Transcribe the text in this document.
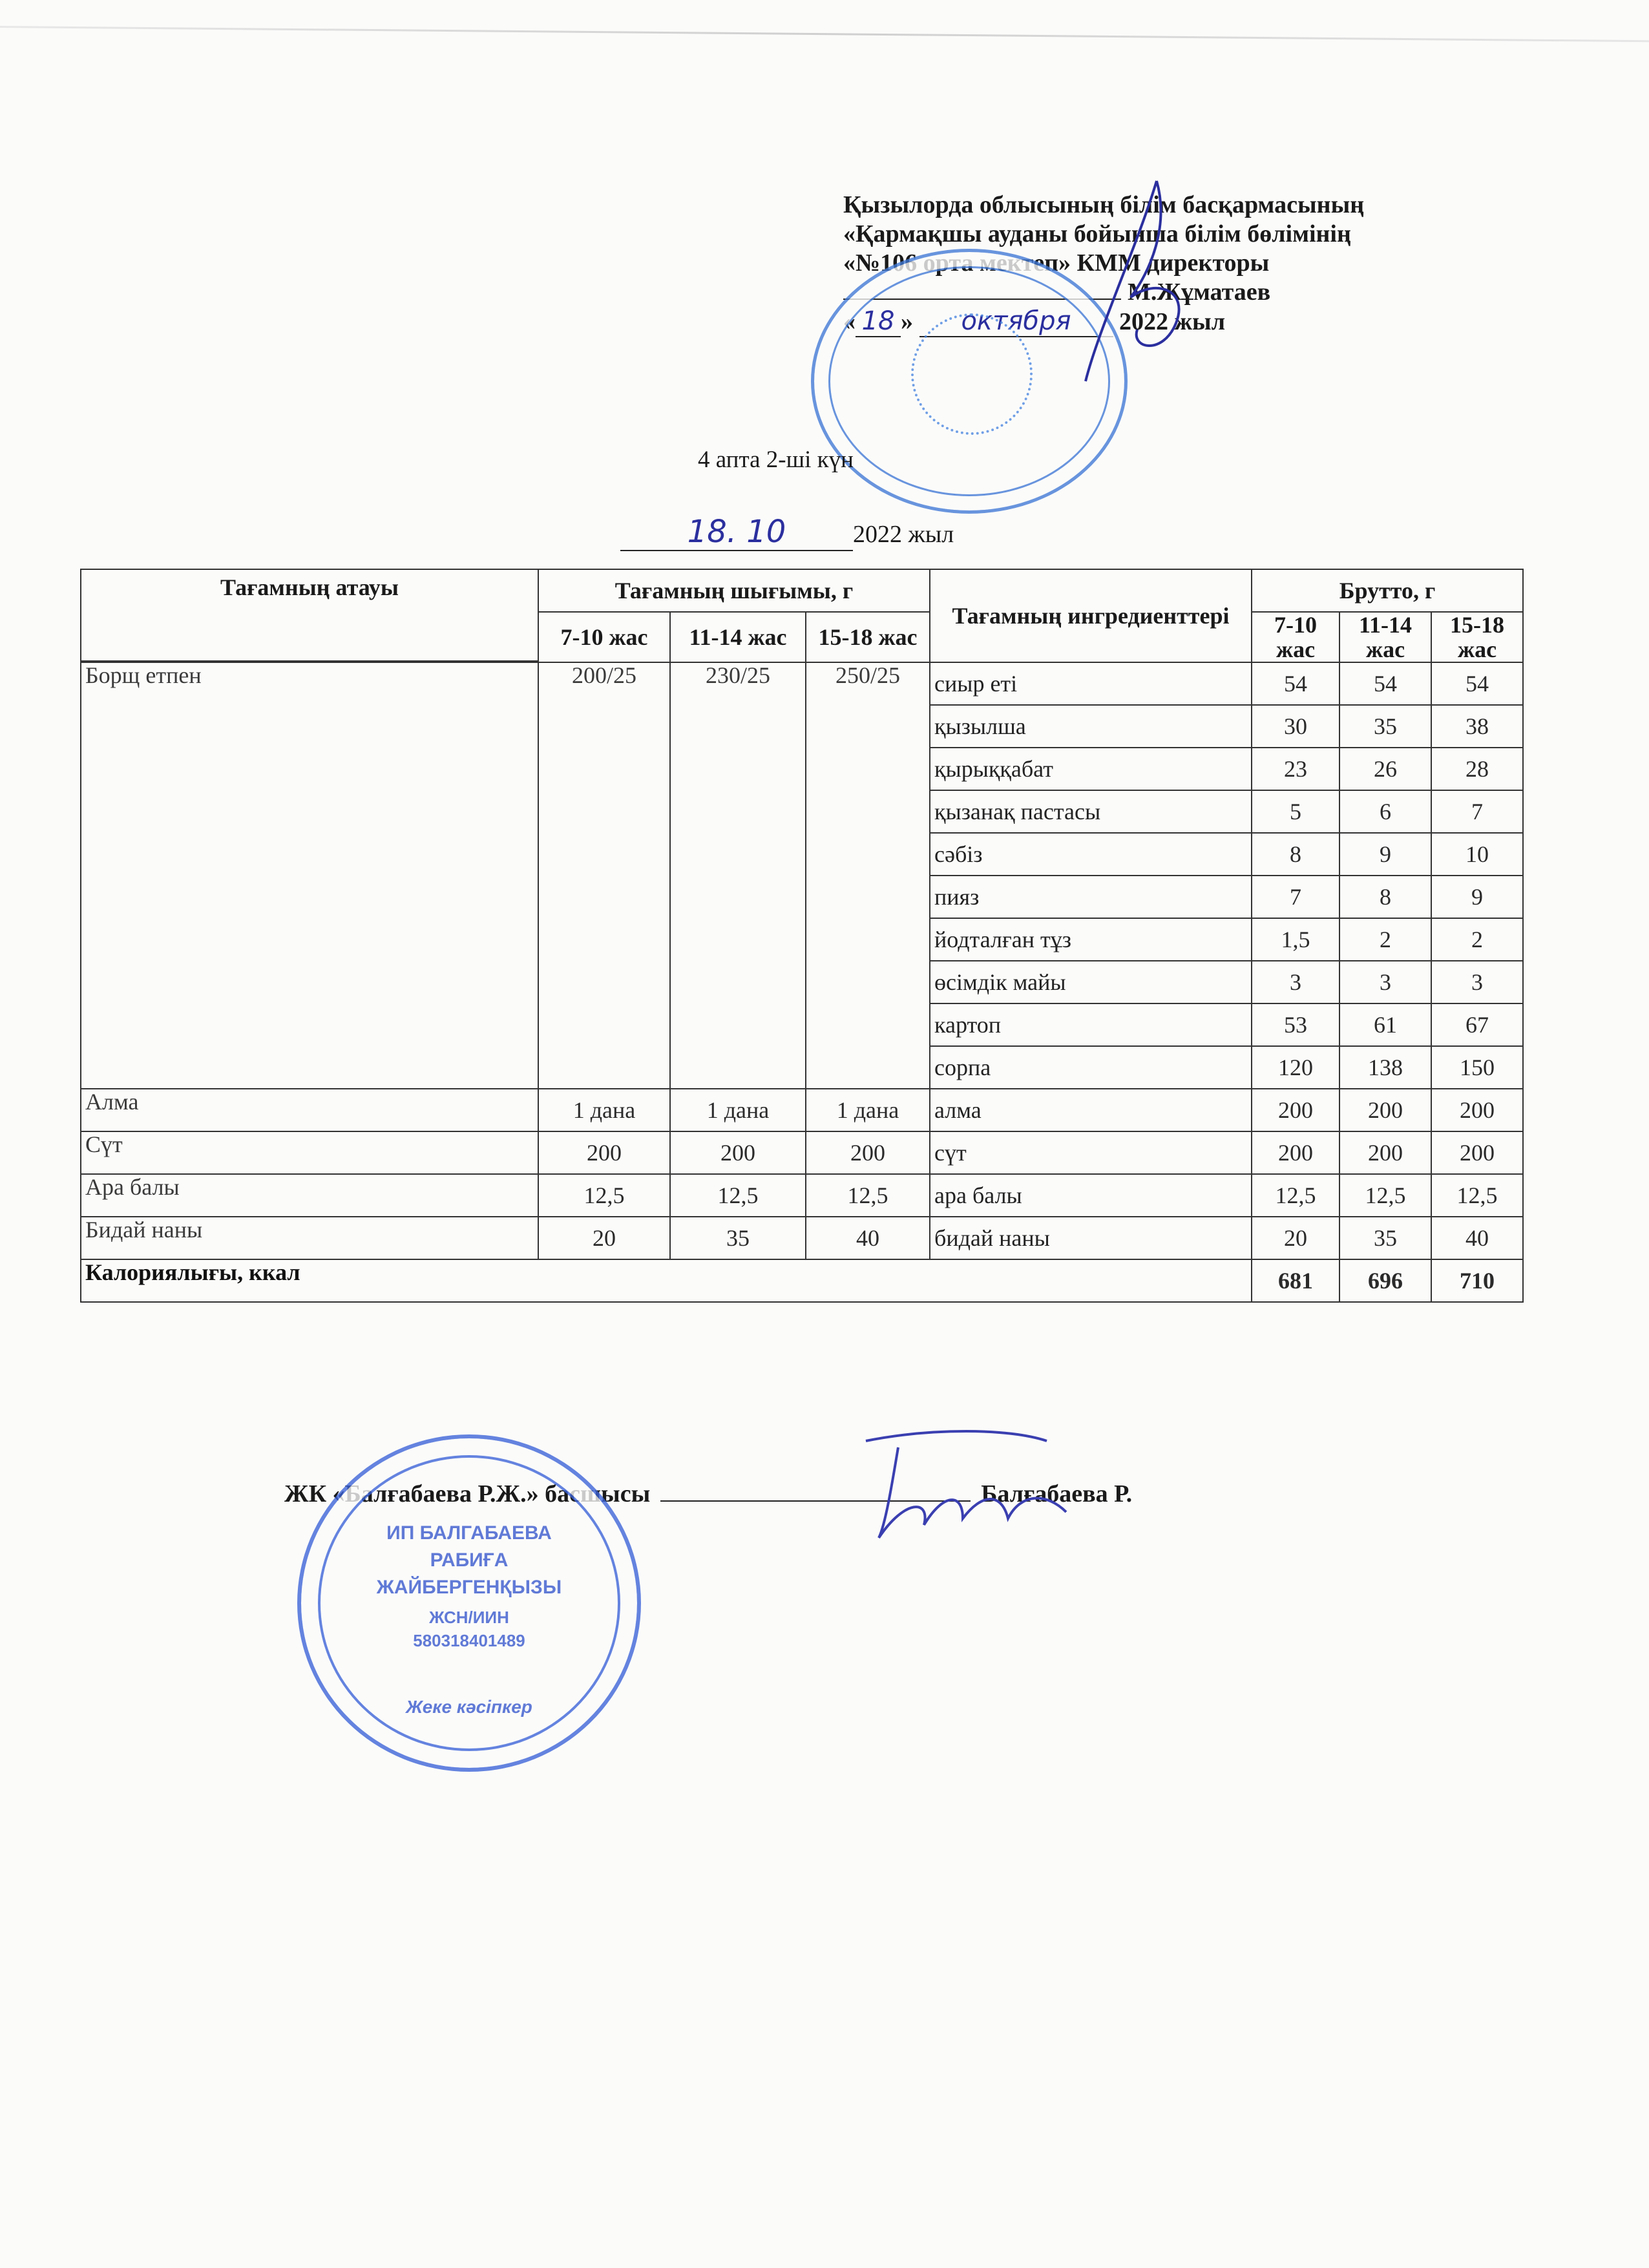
Қызылорда облысының білім басқармасының
«Қармақшы ауданы бойынша білім бөлімінің
«№106 орта мектеп» КММ директоры
М.Жұматаев
« 18 » октября 2022 жыл
4 апта 2-ші күн
18. 10	2022 жыл
Тағамның атауы	Тағамның шығымы, г			Тағамның ингредиенттері	Брутто, г		
	7-10 жас	11-14 жас	15-18 жас		7-10 жас	11-14 жас	15-18 жас

Борщ етпен	200/25	230/25	250/25	сиыр еті	54	54	54
				қызылша	30	35	38
				қырыққабат	23	26	28
				қызанақ пастасы	5	6	7
				сәбіз	8	9	10
				пияз	7	8	9
				йодталған тұз	1,5	2	2
				өсімдік майы	3	3	3
				картоп	53	61	67
				сорпа	120	138	150
Алма	1 дана	1 дана	1 дана	алма	200	200	200
Сүт	200	200	200	сүт	200	200	200
Ара балы	12,5	12,5	12,5	ара балы	12,5	12,5	12,5
Бидай наны	20	35	40	бидай наны	20	35	40
Калориялығы, ккал					681	696	710
ЖК «Балғабаева Р.Ж.» басшысы	Балғабаева Р.
ИП БАЛГАБАЕВА
РАБИҒА
ЖАЙБЕРГЕНҚЫЗЫ
ЖСН/ИИН
580318401489
Жеке кәсіпкер
